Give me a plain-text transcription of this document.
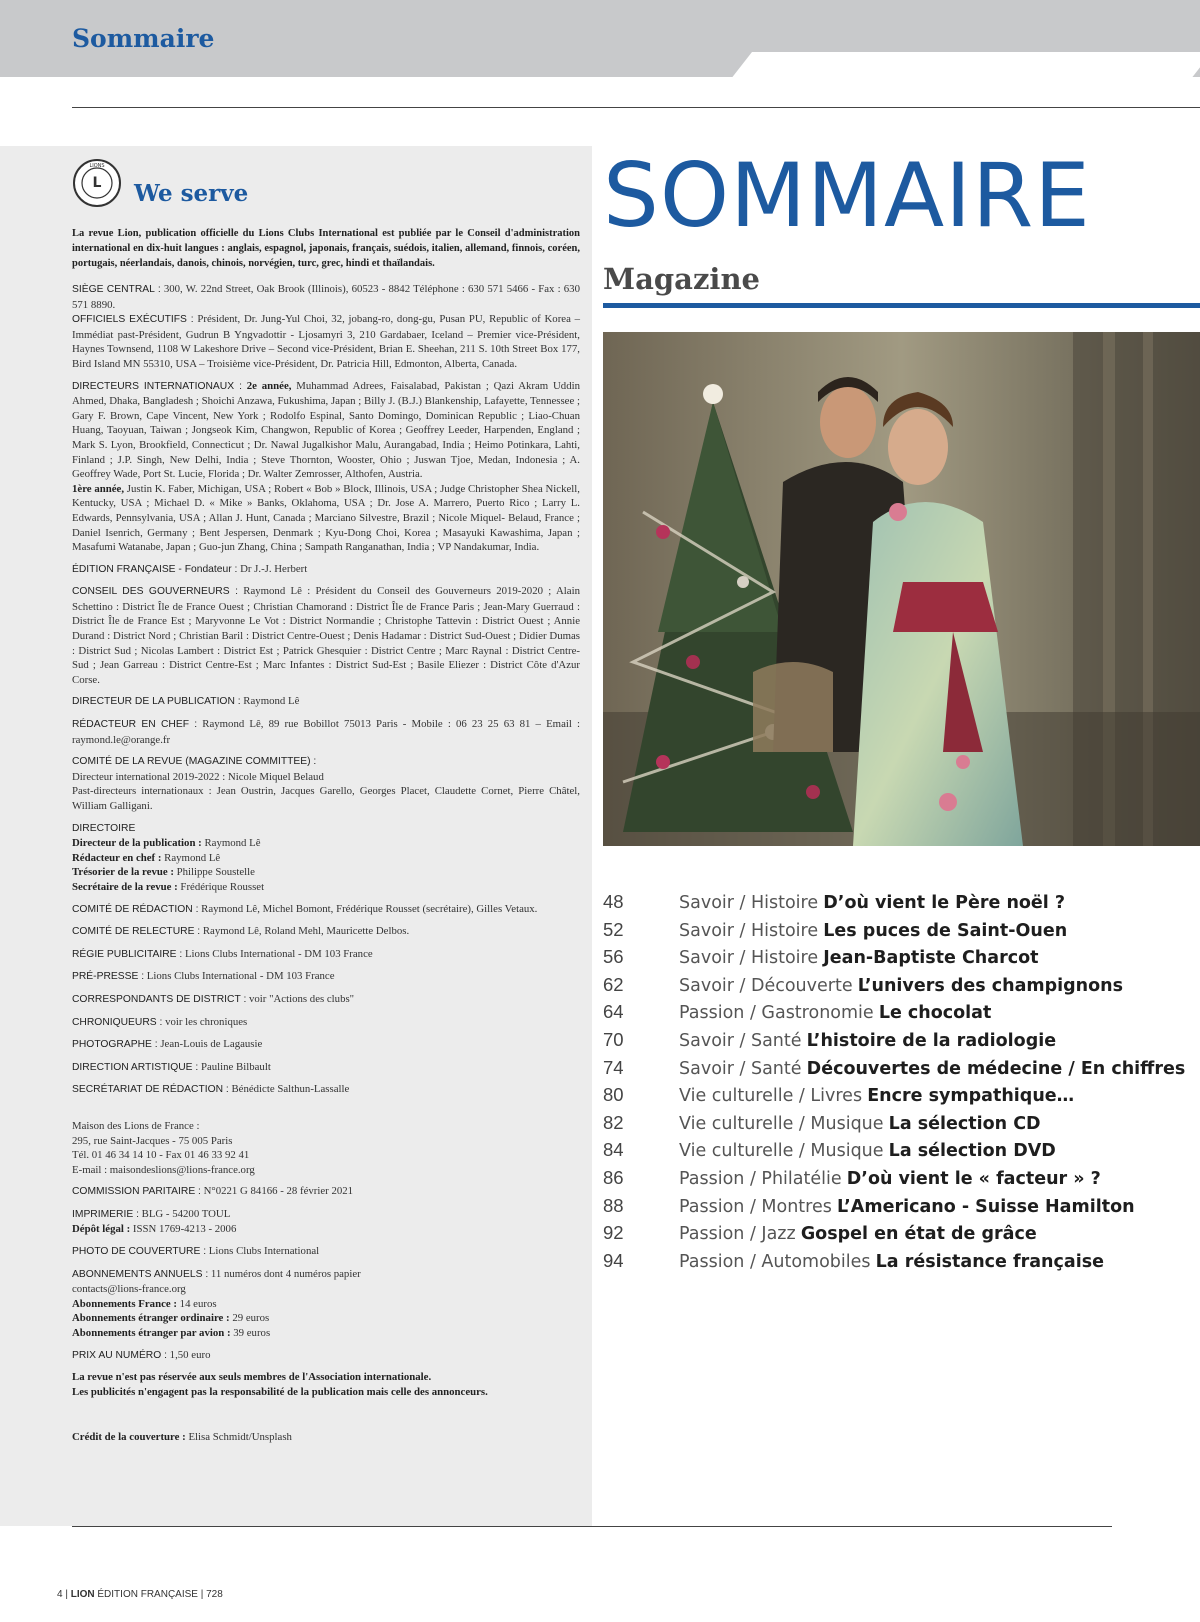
Sommaire
L
LIONS
We serve
La revue Lion, publication officielle du Lions Clubs International est publiée par le Conseil d'administration international en dix-huit langues : anglais, espagnol, japonais, français, suédois, italien, allemand, finnois, coréen, portugais, néerlandais, danois, chinois, norvégien, turc, grec, hindi et thaïlandais.

SIÈGE CENTRAL : 300, W. 22nd Street, Oak Brook (Illinois), 60523 - 8842 Téléphone : 630 571 5466 - Fax : 630 571 8890.

OFFICIELS EXÉCUTIFS : Président, Dr. Jung-Yul Choi, 32, jobang-ro, dong-gu, Pusan PU, Republic of Korea – Immédiat past-Président, Gudrun B Yngvadottir - Ljosamyri 3, 210 Gardabaer, Iceland – Premier vice-Président, Haynes Townsend, 1108 W Lakeshore Drive – Second vice-Président, Brian E. Sheehan, 211 S. 10th Street Box 177, Bird Island MN 55310, USA – Troisième vice-Président, Dr. Patricia Hill, Edmonton, Alberta, Canada.

DIRECTEURS INTERNATIONAUX : 2e année, Muhammad Adrees, Faisalabad, Pakistan ; Qazi Akram Uddin Ahmed, Dhaka, Bangladesh ; Shoichi Anzawa, Fukushima, Japan ; Billy J. (B.J.) Blankenship, Lafayette, Tennessee ; Gary F. Brown, Cape Vincent, New York ; Rodolfo Espinal, Santo Domingo, Dominican Republic ; Liao-Chuan Huang, Taoyuan, Taiwan ; Jongseok Kim, Changwon, Republic of Korea ; Geoffrey Leeder, Harpenden, England ; Mark S. Lyon, Brookfield, Connecticut ; Dr. Nawal Jugalkishor Malu, Aurangabad, India ; Heimo Potinkara, Lahti, Finland ; J.P. Singh, New Delhi, India ; Steve Thornton, Wooster, Ohio ; Juswan Tjoe, Medan, Indonesia ; A. Geoffrey Wade, Port St. Lucie, Florida ; Dr. Walter Zemrosser, Althofen, Austria.

1ère année, Justin K. Faber, Michigan, USA ; Robert « Bob » Block, Illinois, USA ; Judge Christopher Shea Nickell, Kentucky, USA ; Michael D. « Mike » Banks, Oklahoma, USA ; Dr. Jose A. Marrero, Puerto Rico ; Larry L. Edwards, Pennsylvania, USA ; Allan J. Hunt, Canada ; Marciano Silvestre, Brazil ; Nicole Miquel- Belaud, France ; Daniel Isenrich, Germany ; Bent Jespersen, Denmark ; Kyu-Dong Choi, Korea ; Masayuki Kawashima, Japan ; Masafumi Watanabe, Japan ; Guo-jun Zhang, China ; Sampath Ranganathan, India ; VP Nandakumar, India.

ÉDITION FRANÇAISE - Fondateur : Dr J.-J. Herbert

CONSEIL DES GOUVERNEURS : Raymond Lê : Président du Conseil des Gouverneurs 2019-2020 ; Alain Schettino : District Île de France Ouest ; Christian Chamorand : District Île de France Paris ; Jean-Mary Guerraud : District Île de France Est ; Maryvonne Le Vot : District Normandie ; Christophe Tattevin : District Ouest ; Annie Durand : District Nord ; Christian Baril : District Centre-Ouest ; Denis Hadamar : District Sud-Ouest ; Didier Dumas : District Sud ; Nicolas Lambert : District Est ; Patrick Ghesquier : District Centre ; Marc Raynal : District Centre-Sud ; Jean Garreau : District Centre-Est ; Marc Infantes : District Sud-Est ; Basile Eliezer : District Côte d'Azur Corse.

DIRECTEUR DE LA PUBLICATION : Raymond Lê

RÉDACTEUR EN CHEF : Raymond Lê, 89 rue Bobillot 75013 Paris - Mobile : 06 23 25 63 81 – Email : raymond.le@orange.fr

COMITÉ DE LA REVUE (MAGAZINE COMMITTEE) :
Directeur international 2019-2022 : Nicole Miquel Belaud
Past-directeurs internationaux : Jean Oustrin, Jacques Garello, Georges Placet, Claudette Cornet, Pierre Châtel, William Galligani.

DIRECTOIRE
Directeur de la publication : Raymond Lê
Rédacteur en chef : Raymond Lê
Trésorier de la revue : Philippe Soustelle
Secrétaire de la revue : Frédérique Rousset

COMITÉ DE RÉDACTION : Raymond Lê, Michel Bomont, Frédérique Rousset (secrétaire), Gilles Vetaux.

COMITÉ DE RELECTURE : Raymond Lê, Roland Mehl, Mauricette Delbos.

RÉGIE PUBLICITAIRE : Lions Clubs International - DM 103 France

PRÉ-PRESSE : Lions Clubs International - DM 103 France

CORRESPONDANTS DE DISTRICT : voir "Actions des clubs"

CHRONIQUEURS : voir les chroniques

PHOTOGRAPHE : Jean-Louis de Lagausie

DIRECTION ARTISTIQUE : Pauline Bilbault

SECRÉTARIAT DE RÉDACTION : Bénédicte Salthun-Lassalle

Maison des Lions de France :
295, rue Saint-Jacques - 75 005 Paris
Tél. 01 46 34 14 10 - Fax 01 46 33 92 41
E-mail : maisondeslions@lions-france.org

COMMISSION PARITAIRE : N°0221 G 84166 - 28 février 2021

IMPRIMERIE : BLG - 54200 TOUL
Dépôt légal : ISSN 1769-4213 - 2006

PHOTO DE COUVERTURE : Lions Clubs International

ABONNEMENTS ANNUELS : 11 numéros dont 4 numéros papier
contacts@lions-france.org
Abonnements France : 14 euros
Abonnements étranger ordinaire : 29 euros
Abonnements étranger par avion : 39 euros

PRIX AU NUMÉRO : 1,50 euro

La revue n'est pas réservée aux seuls membres de l'Association internationale.
Les publicités n'engagent pas la responsabilité de la publication mais celle des annonceurs.

Crédit de la couverture : Elisa Schmidt/Unsplash

SOMMAIRE
Magazine
48	Savoir / Histoire D’où vient le Père noël ?
52	Savoir / Histoire Les puces de Saint-Ouen
56	Savoir / Histoire Jean-Baptiste Charcot
62	Savoir / Découverte L’univers des champignons
64	Passion / Gastronomie Le chocolat
70	Savoir / Santé L’histoire de la radiologie
74	Savoir / Santé Découvertes de médecine / En chiffres
80	Vie culturelle / Livres Encre sympathique…
82	Vie culturelle / Musique La sélection CD
84	Vie culturelle / Musique La sélection DVD
86	Passion / Philatélie D’où vient le « facteur » ?
88	Passion / Montres L’Americano - Suisse Hamilton
92	Passion / Jazz Gospel en état de grâce
94	Passion / Automobiles La résistance française
4 | LION ÉDITION FRANÇAISE | 728
